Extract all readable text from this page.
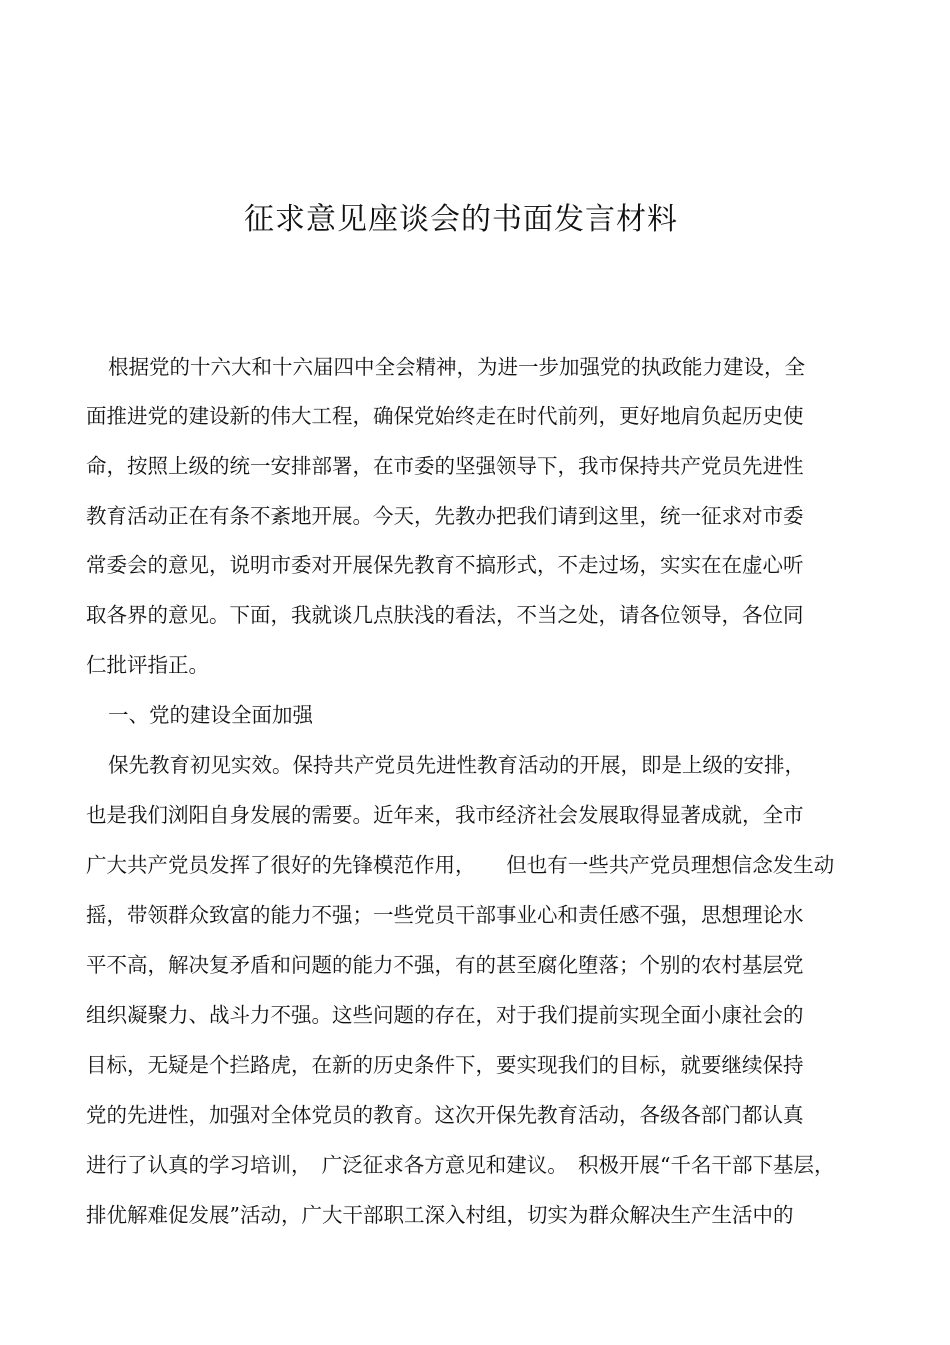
征求意见座谈会的书面发言材料
根据党的十六大和十六届四中全会精神，为进一步加强党的执政能力建设，全
面推进党的建设新的伟大工程，确保党始终走在时代前列，更好地肩负起历史使
命，按照上级的统一安排部署，在市委的坚强领导下，我市保持共产党员先进性
教育活动正在有条不紊地开展。今天，先教办把我们请到这里，统一征求对市委
常委会的意见，说明市委对开展保先教育不搞形式，不走过场，实实在在虚心听
取各界的意见。下面，我就谈几点肤浅的看法，不当之处，请各位领导，各位同
仁批评指正。
一、党的建设全面加强
保先教育初见实效。保持共产党员先进性教育活动的开展，即是上级的安排，
也是我们浏阳自身发展的需要。近年来，我市经济社会发展取得显著成就，全市
广大共产党员发挥了很好的先锋模范作用，　　但也有一些共产党员理想信念发生动
摇，带领群众致富的能力不强；一些党员干部事业心和责任感不强，思想理论水
平不高，解决复矛盾和问题的能力不强，有的甚至腐化堕落；个别的农村基层党
组织凝聚力、战斗力不强。这些问题的存在，对于我们提前实现全面小康社会的
目标，无疑是个拦路虎，在新的历史条件下，要实现我们的目标，就要继续保持
党的先进性，加强对全体党员的教育。这次开保先教育活动，各级各部门都认真
进行了认真的学习培训，　广泛征求各方意见和建议。　积极开展“千名干部下基层，
排优解难促发展”活动，广大干部职工深入村组，切实为群众解决生产生活中的
